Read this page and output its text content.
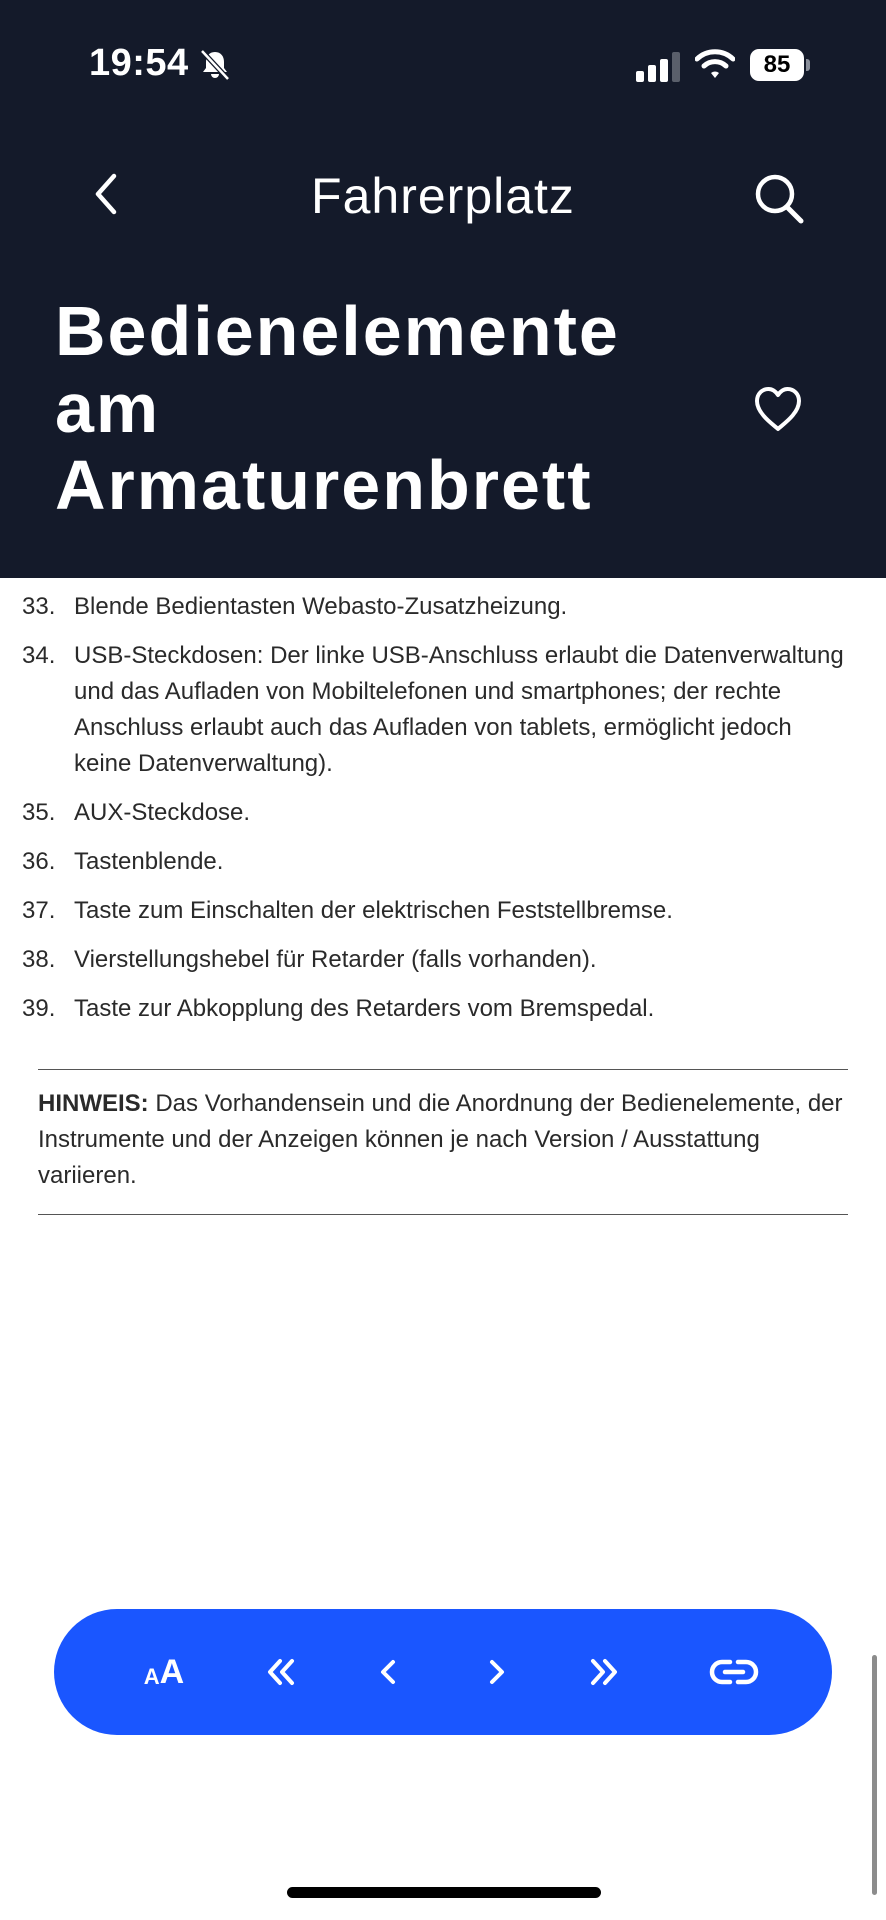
33. Blende Bedientasten Webasto-Zusatzheizung.
34. USB-Steckdosen: Der linke USB-Anschluss erlaubt die Datenverwaltung und das Aufladen von Mobiltelefonen und smartphones; der rechte Anschluss erlaubt auch das Aufladen von tablets, ermöglicht jedoch keine Datenverwaltung).
35. AUX-Steckdose.
36. Tastenblende.
37. Taste zum Einschalten der elektrischen Feststellbremse.
38. Vierstellungshebel für Retarder (falls vorhanden).
39. Taste zur Abkopplung des Retarders vom Bremspedal.
HINWEIS: Das Vorhandensein und die Anordnung der Bedienelemente, der Instrumente und der Anzeigen können je nach Version / Ausstattung variieren.
19:54	85
Fahrerplatz
Bedienelemente am Armaturenbrett
A A
